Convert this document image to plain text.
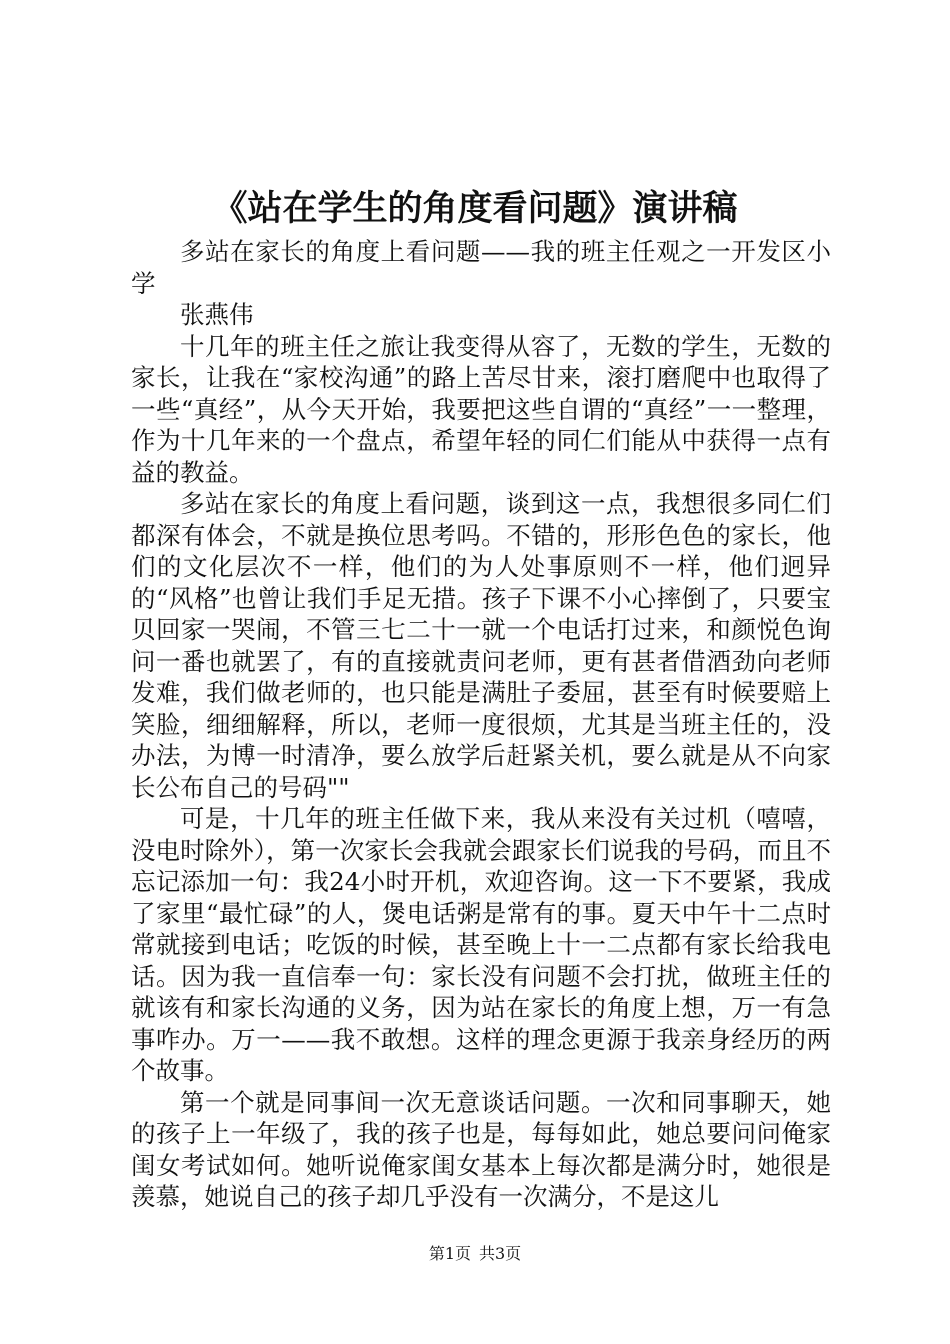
《站在学生的角度看问题》演讲稿

多站在家长的角度上看问题——我的班主任观之一开发区小学

张燕伟

十几年的班主任之旅让我变得从容了，无数的学生，无数的家长，让我在“家校沟通”的路上苦尽甘来，滚打磨爬中也取得了一些“真经”，从今天开始，我要把这些自谓的“真经”一一整理，作为十几年来的一个盘点，希望年轻的同仁们能从中获得一点有益的教益。

多站在家长的角度上看问题，谈到这一点，我想很多同仁们都深有体会，不就是换位思考吗。不错的，形形色色的家长，他们的文化层次不一样，他们的为人处事原则不一样，他们迥异的“风格”也曾让我们手足无措。孩子下课不小心摔倒了，只要宝贝回家一哭闹，不管三七二十一就一个电话打过来，和颜悦色询问一番也就罢了，有的直接就责问老师，更有甚者借酒劲向老师发难，我们做老师的，也只能是满肚子委屈，甚至有时候要赔上笑脸，细细解释，所以，老师一度很烦，尤其是当班主任的，没办法，为博一时清净，要么放学后赶紧关机，要么就是从不向家长公布自己的号码""

可是，十几年的班主任做下来，我从来没有关过机（嘻嘻，没电时除外），第一次家长会我就会跟家长们说我的号码，而且不忘记添加一句：我24小时开机，欢迎咨询。这一下不要紧，我成了家里“最忙碌”的人，煲电话粥是常有的事。夏天中午十二点时常就接到电话；吃饭的时候，甚至晚上十一二点都有家长给我电话。因为我一直信奉一句：家长没有问题不会打扰，做班主任的就该有和家长沟通的义务，因为站在家长的角度上想，万一有急事咋办。万一——我不敢想。这样的理念更源于我亲身经历的两个故事。

第一个就是同事间一次无意谈话问题。一次和同事聊天，她的孩子上一年级了，我的孩子也是，每每如此，她总要问问俺家闺女考试如何。她听说俺家闺女基本上每次都是满分时，她很是羡慕，她说自己的孩子却几乎没有一次满分，不是这儿

第1页 共3页
